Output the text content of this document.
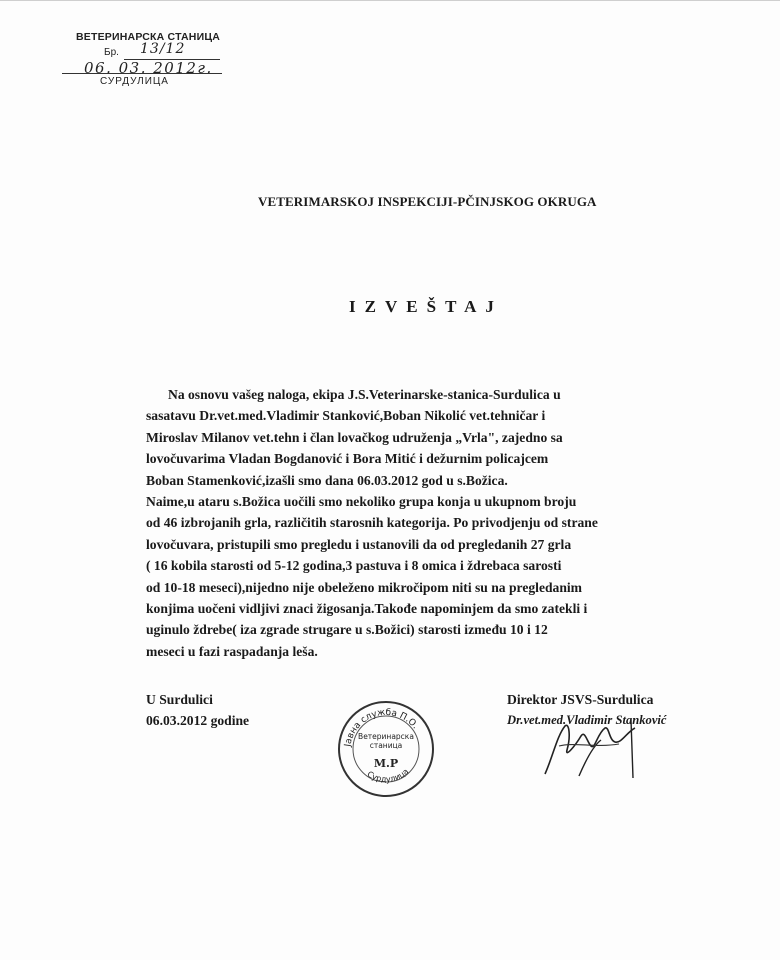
ВЕТЕРИНАРСКА СТАНИЦА
Бр. 13/12
06. 03. 2012г.
СУРДУЛИЦА
VETERIMARSKOJ INSPEKCIJI-PČINJSKOG OKRUGA
IZVEŠTAJ

Na osnovu vašeg naloga, ekipa J.S.Veterinarske-stanica-Surdulica u

sasatavu Dr.vet.med.Vladimir Stanković,Boban Nikolić vet.tehničar i

Miroslav Milanov vet.tehn i član lovačkog udruženja „Vrla", zajedno sa

lovočuvarima Vladan Bogdanović i Bora Mitić i dežurnim policajcem

Boban Stamenković,izašli smo dana 06.03.2012 god u s.Božica.

Naime,u ataru s.Božica uočili smo nekoliko grupa konja u ukupnom broju

od 46 izbrojanih grla, različitih starosnih kategorija. Po privodjenju od strane

lovočuvara, pristupili smo pregledu i ustanovili da od pregledanih 27 grla

( 16 kobila starosti od 5-12 godina,3 pastuva i 8 omica i ždrebaca sarosti

od 10-18 meseci),nijedno nije obeleženo mikročipom niti su na pregledanim

konjima uočeni vidljivi znaci žigosanja.Takođe napominjem da smo zatekli i

uginulo ždrebe( iza zgrade strugare u s.Božici) starosti između 10 i 12

meseci u fazi raspadanja leša.

U Surdulici
06.03.2012 godine
Јавна служба П.О.
Сурдулица
Ветеринарска станица
М.Р
Direktor JSVS-Surdulica
Dr.vet.med.Vladimir Stanković
